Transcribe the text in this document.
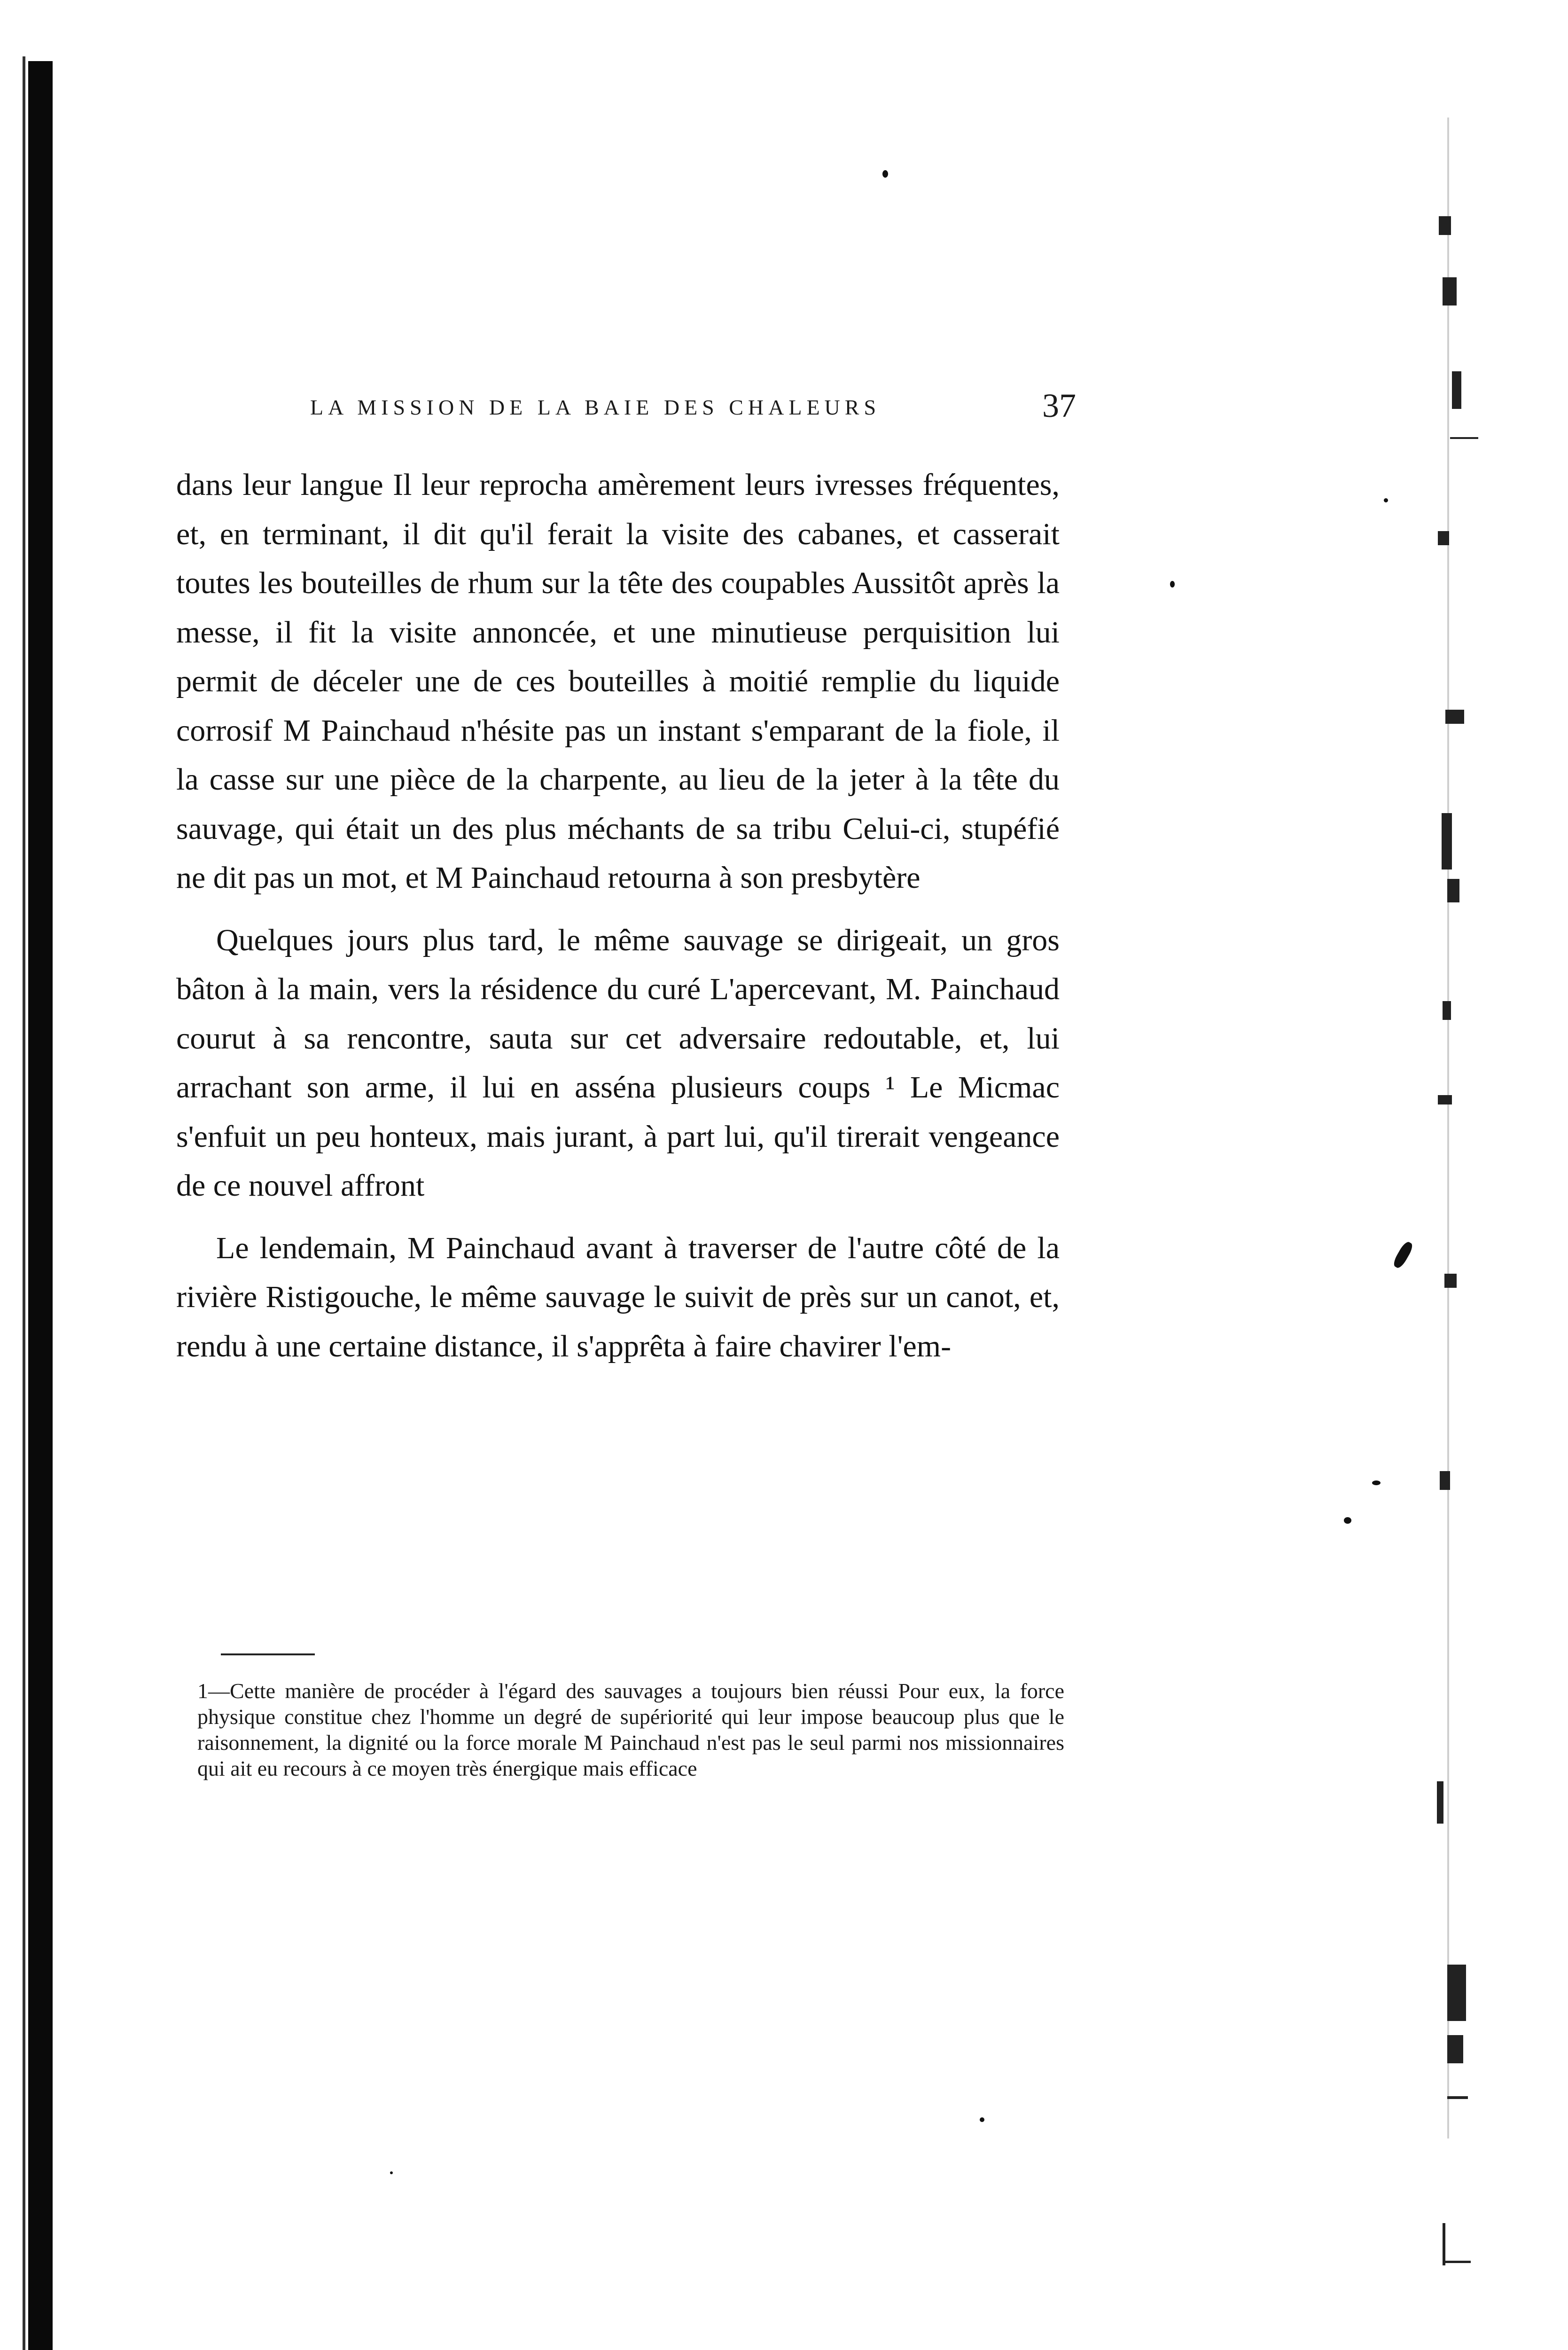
LA MISSION DE LA BAIE DES CHALEURS	37

dans leur langue Il leur reprocha amèrement leurs ivresses fréquentes, et, en terminant, il dit qu'il ferait la visite des cabanes, et casserait toutes les bouteilles de rhum sur la tête des coupables Aussitôt après la messe, il fit la visite annoncée, et une minutieuse perquisition lui permit de déceler une de ces bouteilles à moitié remplie du liquide corrosif M Painchaud n'hésite pas un instant s'emparant de la fiole, il la casse sur une pièce de la charpente, au lieu de la jeter à la tête du sauvage, qui était un des plus méchants de sa tribu Celui-ci, stupéfié ne dit pas un mot, et M Painchaud retourna à son presbytère

Quelques jours plus tard, le même sauvage se dirigeait, un gros bâton à la main, vers la résidence du curé L'apercevant, M. Painchaud courut à sa rencontre, sauta sur cet adversaire redoutable, et, lui arrachant son arme, il lui en asséna plusieurs coups ¹ Le Micmac s'enfuit un peu honteux, mais jurant, à part lui, qu'il tirerait vengeance de ce nouvel affront

Le lendemain, M Painchaud avant à traverser de l'autre côté de la rivière Ristigouche, le même sauvage le suivit de près sur un canot, et, rendu à une certaine distance, il s'apprêta à faire chavirer l'em-

1—Cette manière de procéder à l'égard des sauvages a toujours bien réussi Pour eux, la force physique constitue chez l'homme un degré de supériorité qui leur impose beaucoup plus que le raisonnement, la dignité ou la force morale M Painchaud n'est pas le seul parmi nos missionnaires qui ait eu recours à ce moyen très énergique mais efficace
